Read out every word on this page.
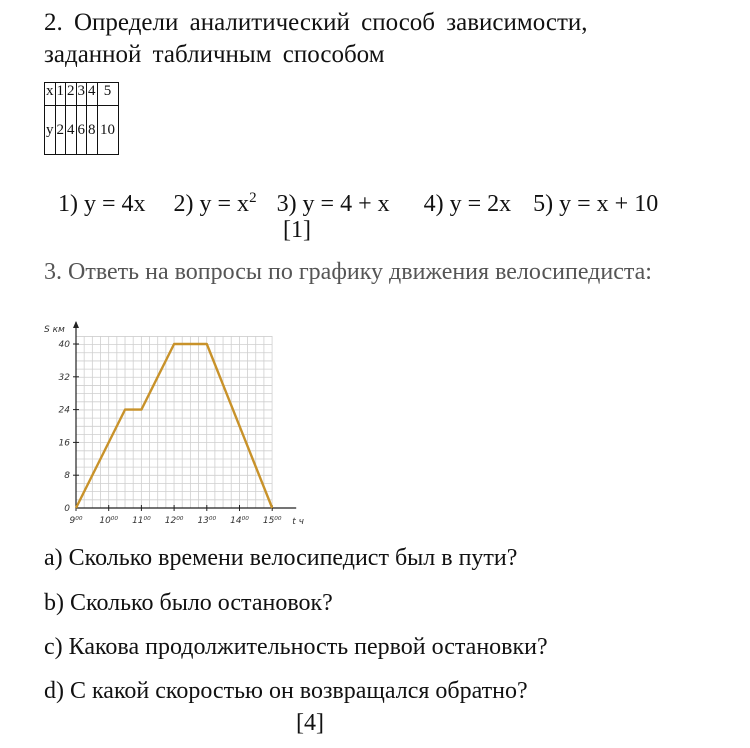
2. Определи аналитический способ зависимости,
заданной табличным способом
x	1	2	3	4	5
y	2	4	6	8	10
1) y = 4x 2) $y = x^2$ 3) y = 4 + x 4) y = 2x 5) y = x + 10
[1]
3. Ответь на вопросы по графику движения велосипедиста:
0
8
16
24
32
40
9⁰⁰ 10⁰⁰ 11⁰⁰ 12⁰⁰ 13⁰⁰ 14⁰⁰ 15⁰⁰
S км
t ч
a) Сколько времени велосипедист был в пути?
b) Сколько было остановок?
c) Какова продолжительность первой остановки?
d) С какой скоростью он возвращался обратно?
[4]
